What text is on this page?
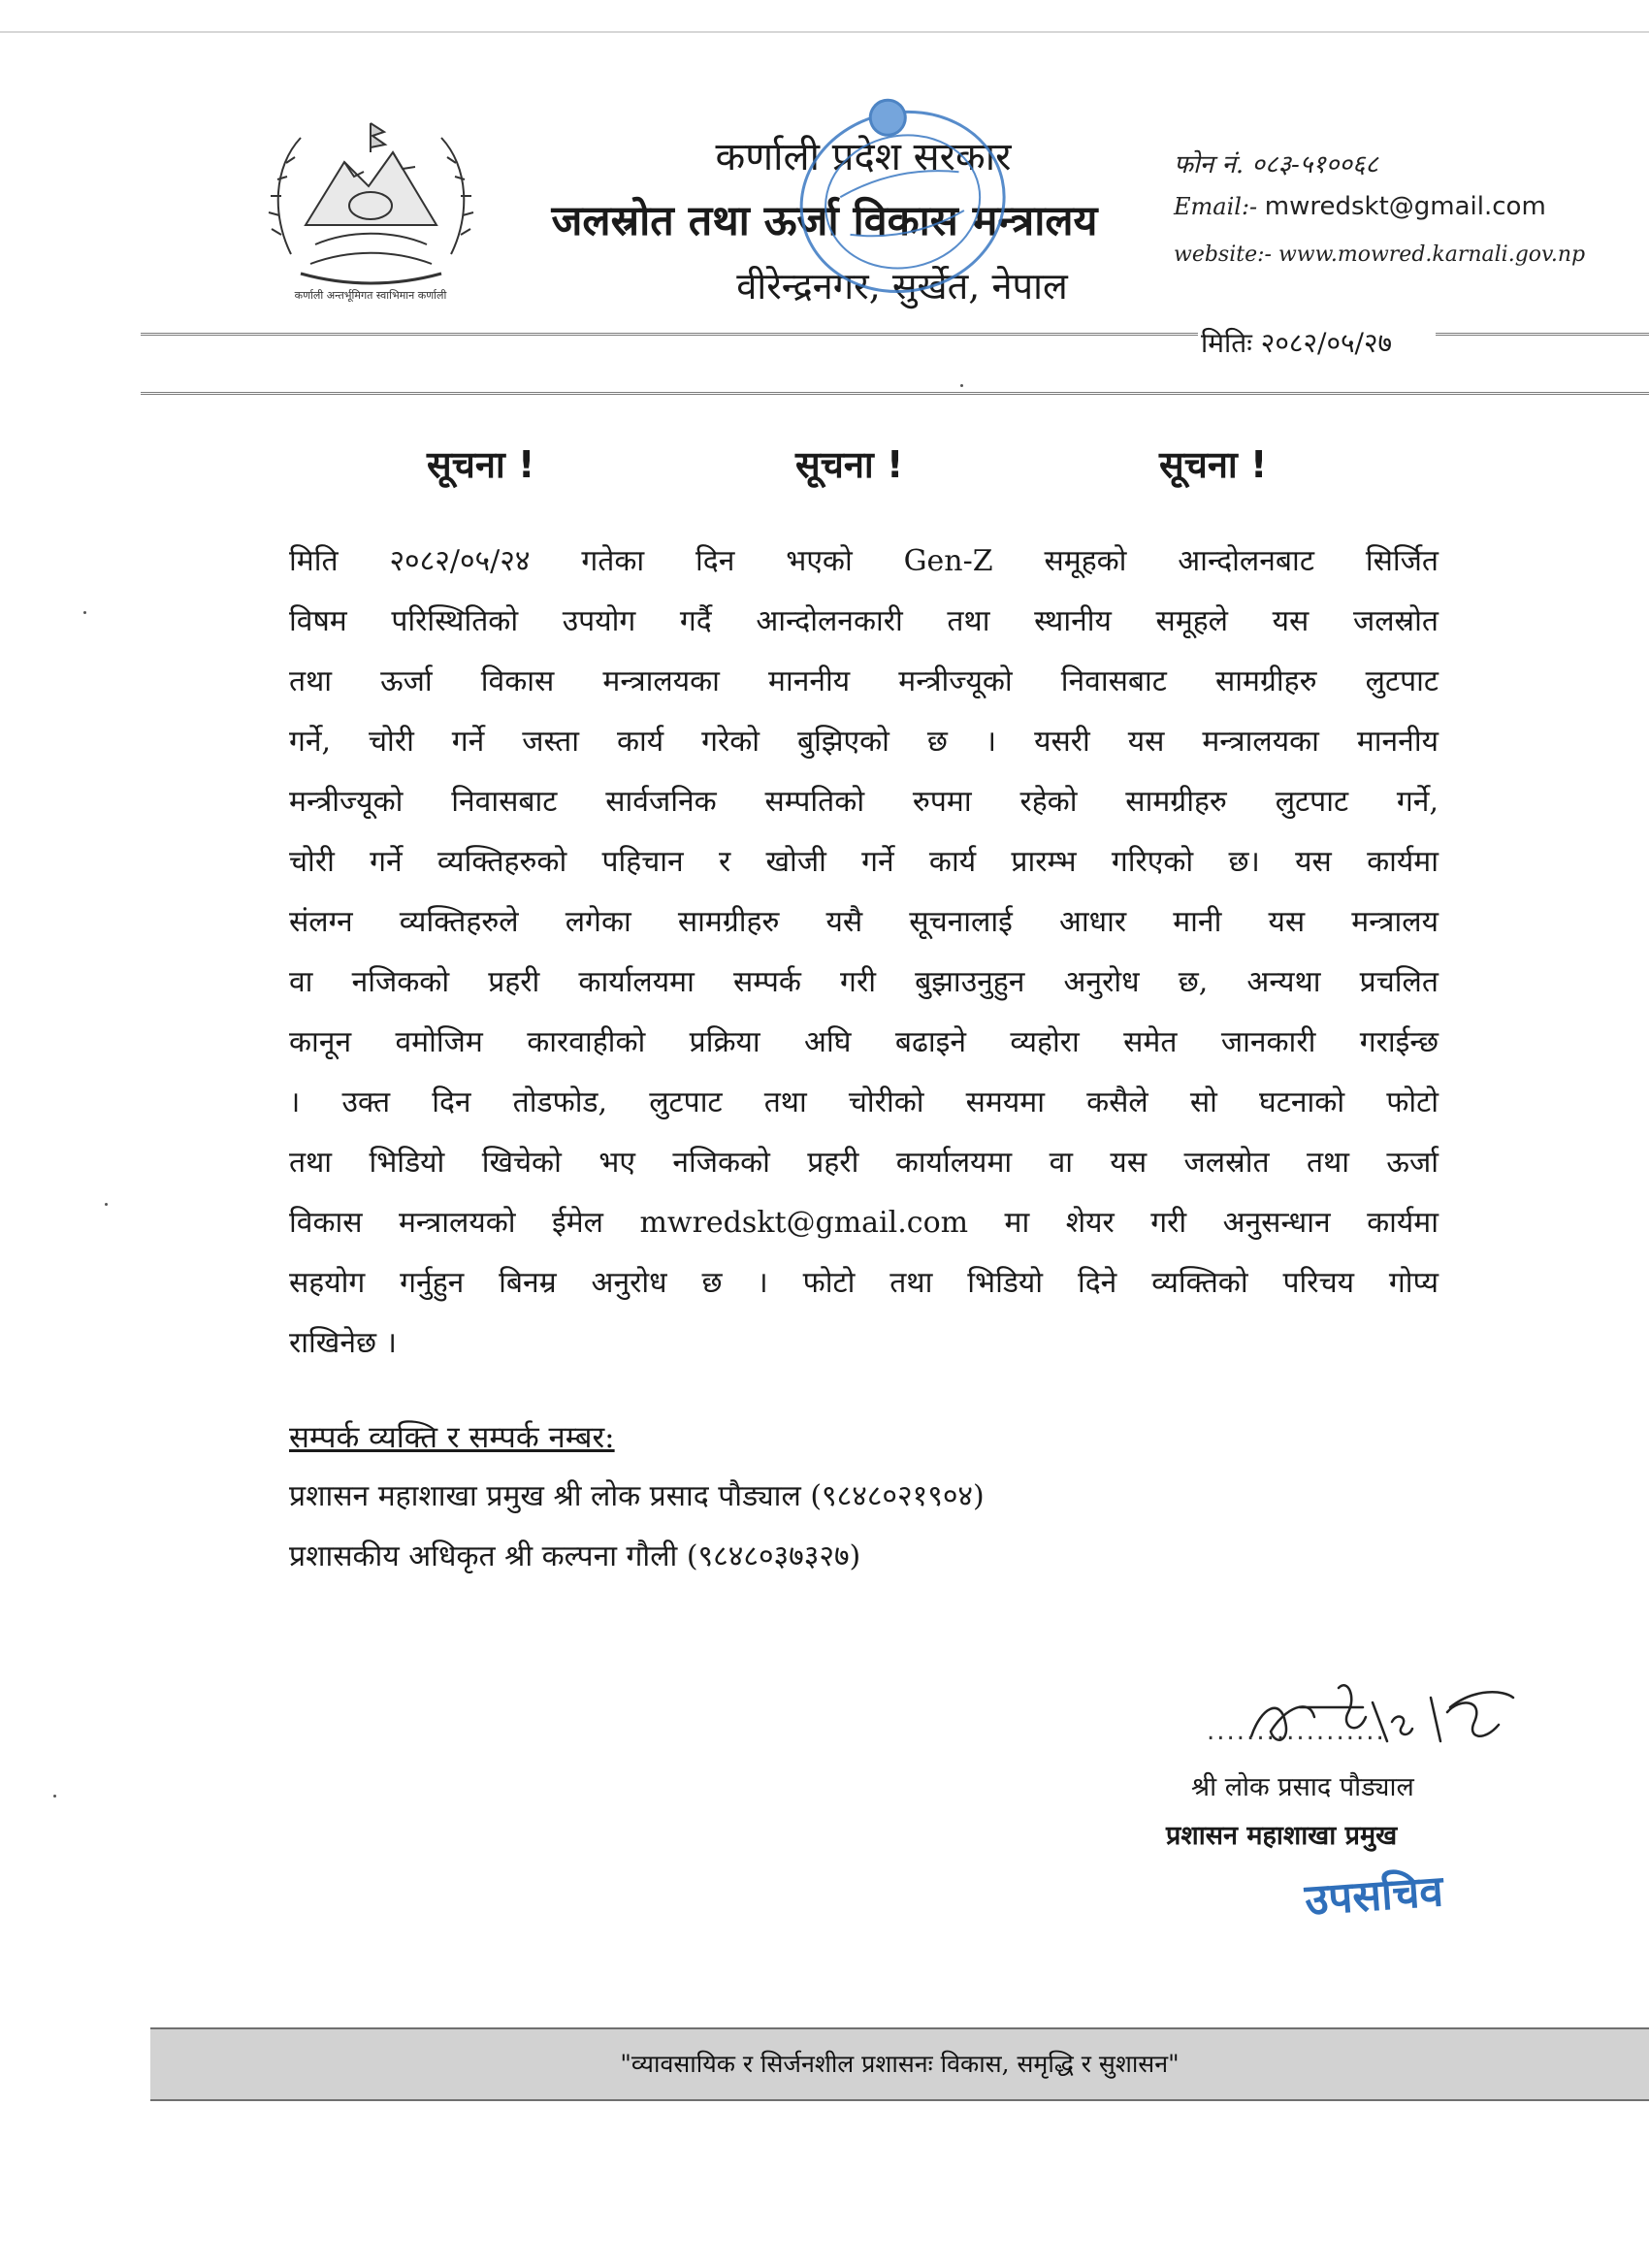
कर्णाली अन्तर्भूमिगत स्वाभिमान कर्णाली
कर्णाली प्रदेश सरकार
जलस्रोत तथा ऊर्जा विकास मन्त्रालय
वीरेन्द्रनगर, सुर्खेत, नेपाल
फोन नं. ०८३-५१००६८
Email:- mwredskt@gmail.com
website:- www.mowred.karnali.gov.np
मितिः २०८२/०५/२७
सूचना !	सूचना !	सूचना !
मिति २०८२/०५/२४ गतेका दिन भएको Gen-Z समूहको आन्दोलनबाट सिर्जित
विषम परिस्थितिको उपयोग गर्दै आन्दोलनकारी तथा स्थानीय समूहले यस जलस्रोत
तथा ऊर्जा विकास मन्त्रालयका माननीय मन्त्रीज्यूको निवासबाट सामग्रीहरु लुटपाट
गर्ने, चोरी गर्ने जस्ता कार्य गरेको बुझिएको छ । यसरी यस मन्त्रालयका माननीय
मन्त्रीज्यूको निवासबाट सार्वजनिक सम्पतिको रुपमा रहेको सामग्रीहरु लुटपाट गर्ने,
चोरी गर्ने व्यक्तिहरुको पहिचान र खोजी गर्ने कार्य प्रारम्भ गरिएको छ। यस कार्यमा
संलग्न व्यक्तिहरुले लगेका सामग्रीहरु यसै सूचनालाई आधार मानी यस मन्त्रालय
वा नजिकको प्रहरी कार्यालयमा सम्पर्क गरी बुझाउनुहुन अनुरोध छ, अन्यथा प्रचलित
कानून वमोजिम कारवाहीको प्रक्रिया अघि बढाइने व्यहोरा समेत जानकारी गराईन्छ
। उक्त दिन तोडफोड, लुटपाट तथा चोरीको समयमा कसैले सो घटनाको फोटो
तथा भिडियो खिचेको भए नजिकको प्रहरी कार्यालयमा वा यस जलस्रोत तथा ऊर्जा
विकास मन्त्रालयको ईमेल mwredskt@gmail.com मा शेयर गरी अनुसन्धान कार्यमा
सहयोग गर्नुहुन बिनम्र अनुरोध छ । फोटो तथा भिडियो दिने व्यक्तिको परिचय गोप्य
राखिनेछ ।
सम्पर्क व्यक्ति र सम्पर्क नम्बर:
प्रशासन महाशाखा प्रमुख श्री लोक प्रसाद पौड्याल (९८४८०२१९०४)
प्रशासकीय अधिकृत श्री कल्पना गौली (९८४८०३७३२७)
..................
श्री लोक प्रसाद पौड्याल
प्रशासन महाशाखा प्रमुख
उपसचिव
"व्यावसायिक र सिर्जनशील प्रशासनः विकास, समृद्धि र सुशासन"
